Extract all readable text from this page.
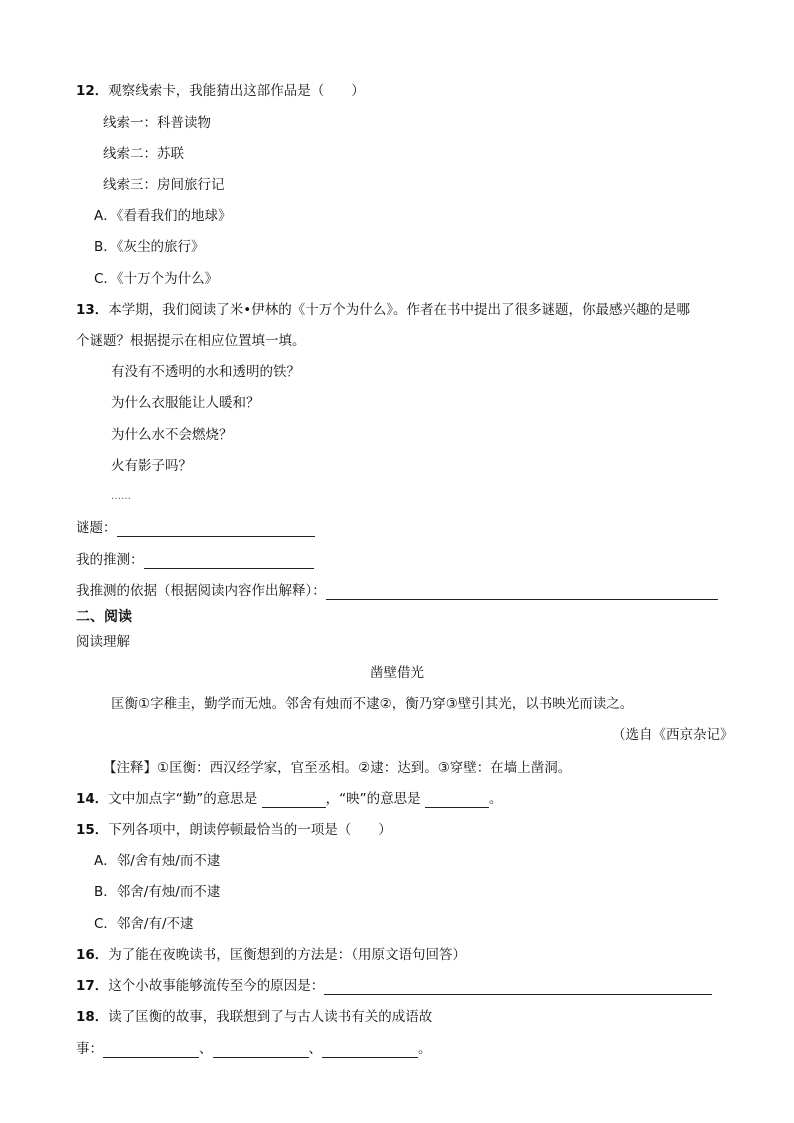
12．观察线索卡，我能猜出这部作品是（　　）
线索一：科普读物
线索二：苏联
线索三：房间旅行记
A．《看看我们的地球》
B．《灰尘的旅行》
C．《十万个为什么》
13．本学期，我们阅读了米•伊林的《十万个为什么》。作者在书中提出了很多谜题，你最感兴趣的是哪
个谜题？根据提示在相应位置填一填。
有没有不透明的水和透明的铁？
为什么衣服能让人暖和？
为什么水不会燃烧？
火有影子吗？
……
谜题：
我的推测：
我推测的依据（根据阅读内容作出解释）：
二、阅读
阅读理解
凿壁借光
匡衡①字稚圭，勤学而无烛。邻舍有烛而不逮②，衡乃穿③壁引其光，以书映光而读之。
（选自《西京杂记》
【注释】①匡衡：西汉经学家，官至丞相。②逮：达到。③穿壁：在墙上凿洞。
14．文中加点字“勤”的意思是	，“映”的意思是	。
15．下列各项中，朗读停顿最恰当的一项是（　　）
A．邻/舍有烛/而不逮
B．邻舍/有烛/而不逮
C．邻舍/有/不逮
16．为了能在夜晚读书，匡衡想到的方法是：（用原文语句回答）
17．这个小故事能够流传至今的原因是：
18．读了匡衡的故事，我联想到了与古人读书有关的成语故
事：	、	、	。
